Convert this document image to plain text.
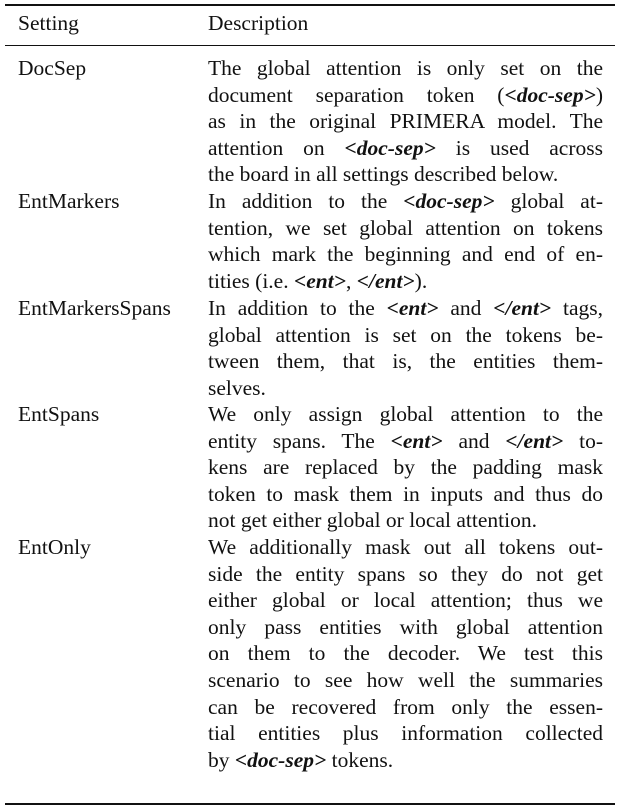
Setting	Description
DocSep	The global attention is only set on the
document separation token (<doc-sep>)
as in the original PRIMERA model. The
attention on <doc-sep> is used across
the board in all settings described below.
EntMarkers	In addition to the <doc-sep> global at-
tention, we set global attention on tokens
which mark the beginning and end of en-
tities (i.e. <ent>, </ent>).
EntMarkersSpans In addition to the <ent> and </ent> tags,
global attention is set on the tokens be-
tween them, that is, the entities them-
selves.
EntSpans	We only assign global attention to the
entity spans. The <ent> and </ent> to-
kens are replaced by the padding mask
token to mask them in inputs and thus do
not get either global or local attention.
EntOnly	We additionally mask out all tokens out-
side the entity spans so they do not get
either global or local attention; thus we
only pass entities with global attention
on them to the decoder. We test this
scenario to see how well the summaries
can be recovered from only the essen-
tial entities plus information collected
by <doc-sep> tokens.
